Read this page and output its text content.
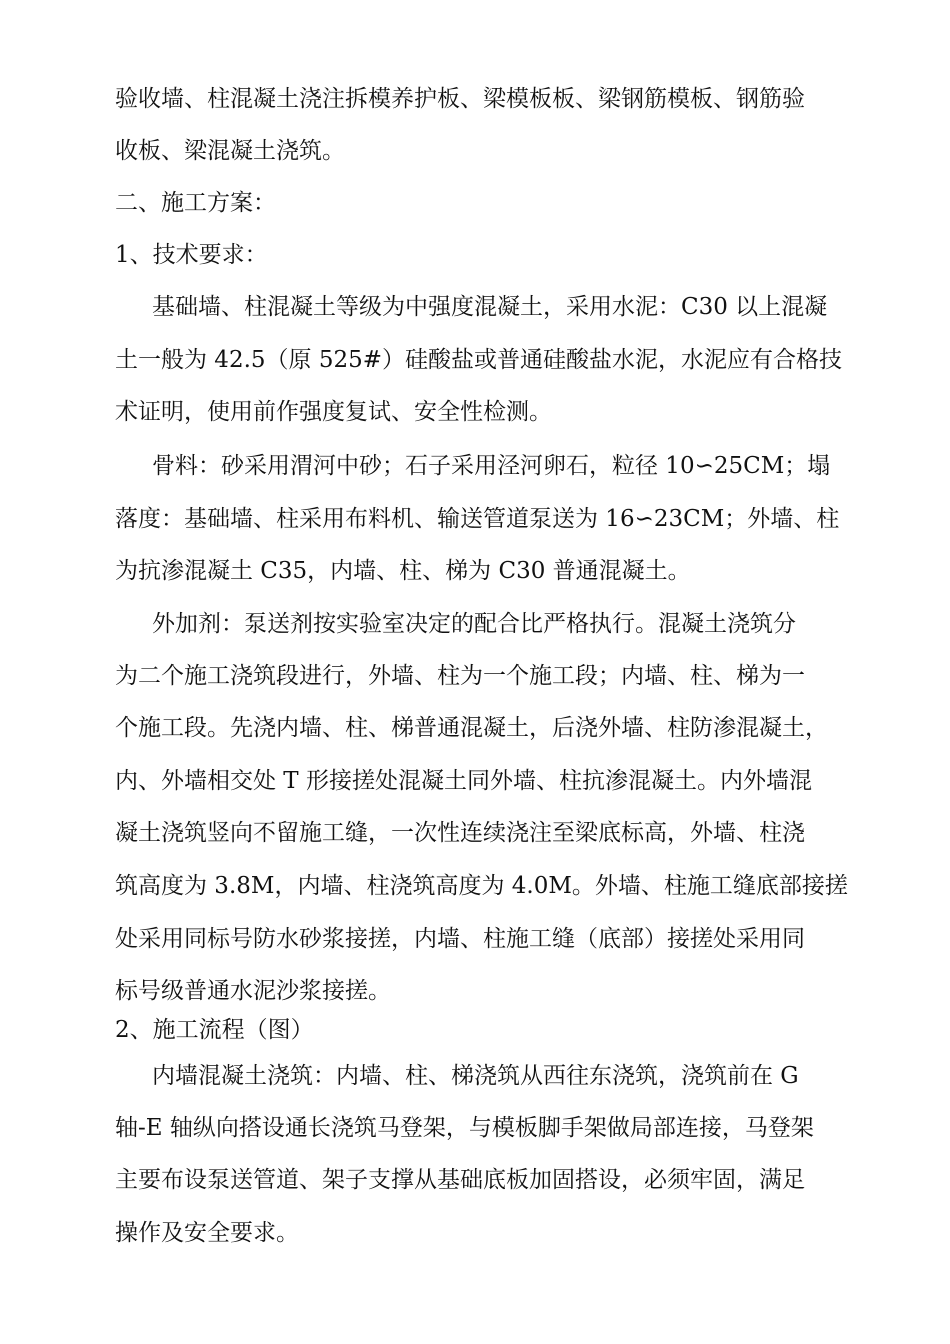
验收墙、柱混凝土浇注拆模养护板、梁模板板、梁钢筋模板、钢筋验
收板、梁混凝土浇筑。
二、施工方案：
1、技术要求：
基础墙、柱混凝土等级为中强度混凝土，采用水泥：C30 以上混凝
土一般为 42.5（原 525#）硅酸盐或普通硅酸盐水泥，水泥应有合格技
术证明，使用前作强度复试、安全性检测。
骨料：砂采用渭河中砂；石子采用泾河卵石，粒径 10∽25CM；塌
落度：基础墙、柱采用布料机、输送管道泵送为 16∽23CM；外墙、柱
为抗渗混凝土 C35，内墙、柱、梯为 C30 普通混凝土。
外加剂：泵送剂按实验室决定的配合比严格执行。混凝土浇筑分
为二个施工浇筑段进行，外墙、柱为一个施工段；内墙、柱、梯为一
个施工段。先浇内墙、柱、梯普通混凝土，后浇外墙、柱防渗混凝土，
内、外墙相交处 T 形接搓处混凝土同外墙、柱抗渗混凝土。内外墙混
凝土浇筑竖向不留施工缝，一次性连续浇注至梁底标高，外墙、柱浇
筑高度为 3.8M，内墙、柱浇筑高度为 4.0M。外墙、柱施工缝底部接搓
处采用同标号防水砂浆接搓，内墙、柱施工缝（底部）接搓处采用同
标号级普通水泥沙浆接搓。
2、施工流程（图）
内墙混凝土浇筑：内墙、柱、梯浇筑从西往东浇筑，浇筑前在 G
轴-E 轴纵向搭设通长浇筑马登架，与模板脚手架做局部连接，马登架
主要布设泵送管道、架子支撑从基础底板加固搭设，必须牢固，满足
操作及安全要求。
